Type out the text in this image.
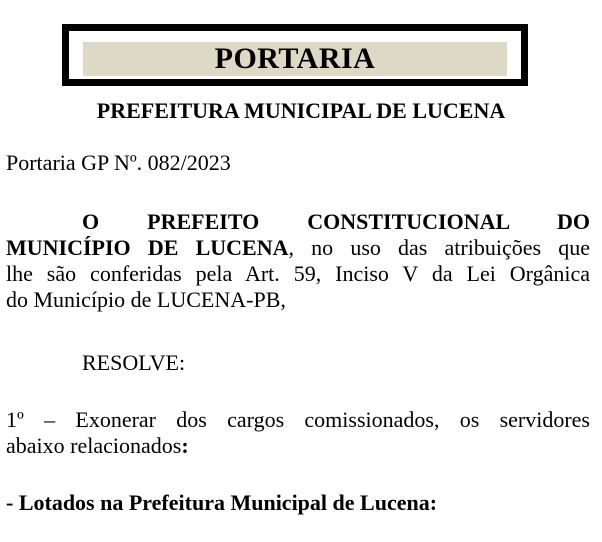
PORTARIA
PREFEITURA MUNICIPAL DE LUCENA

Portaria GP Nº. 082/2023

O PREFEITO CONSTITUCIONAL DO
MUNICÍPIO DE LUCENA, no uso das atribuições que
lhe são conferidas pela Art. 59, Inciso V da Lei Orgânica
do Município de LUCENA-PB,

RESOLVE:

1º – Exonerar dos cargos comissionados, os servidores
abaixo relacionados:

- Lotados na Prefeitura Municipal de Lucena:
